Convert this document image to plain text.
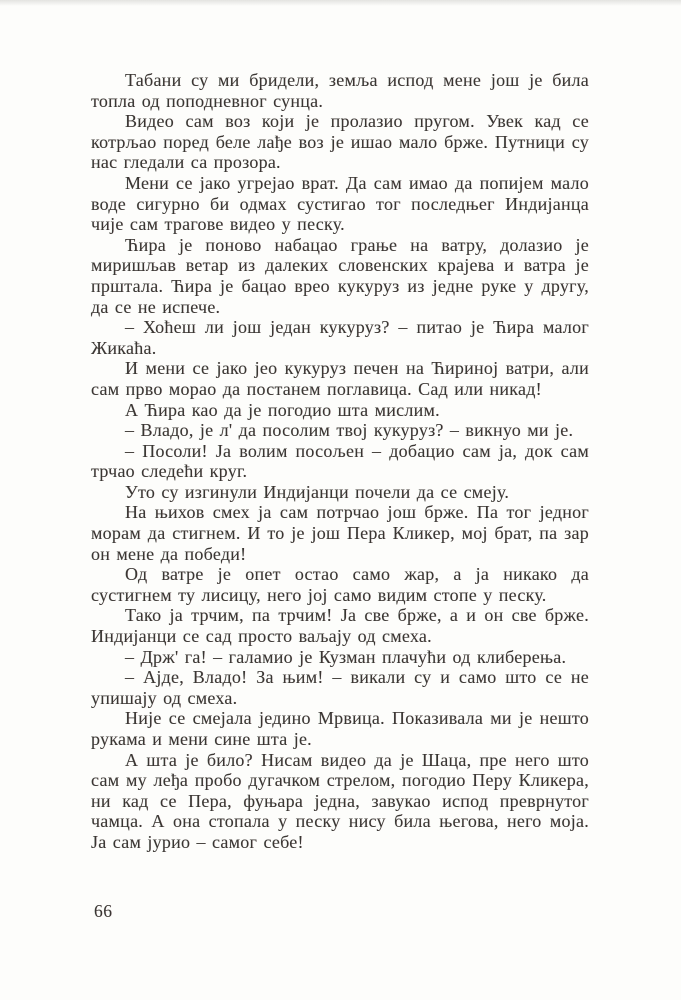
Табани су ми бридели, земља испод мене још је била топла од поподневног сунца.

Видео сам воз који је пролазио пругом. Увек кад се котрљао поред беле лађе воз је ишао мало брже. Путници су нас гледали са прозора.

Мени се јако угрејао врат. Да сам имао да попијем мало воде сигурно би одмах сустигао тог последњег Индијанца чије сам трагове видео у песку.

Ћира је поново набацао грање на ватру, долазио је миришљав ветар из далеких словенских крајева и ватра је прштала. Ћира је бацао врео кукуруз из једне руке у другу, да се не испече.

– Хоћеш ли још један кукуруз? – питао је Ћира малог Жикаћа.

И мени се јако јео кукуруз печен на Ћириној ватри, али сам прво морао да постанем поглавица. Сад или никад!

А Ћира као да је погодио шта мислим.

– Владо, је л' да посолим твој кукуруз? – викнуо ми је.

– Посоли! Ја волим посољен – добацио сам ја, док сам трчао следећи круг.

Уто су изгинули Индијанци почели да се смеју.

На њихов смех ја сам потрчао још брже. Па тог једног морам да стигнем. И то је још Пера Кликер, мој брат, па зар он мене да победи!

Од ватре је опет остао само жар, а ја никако да сустигнем ту лисицу, него јој само видим стопе у песку.

Тако ја трчим, па трчим! Ја све брже, а и он све брже. Индијанци се сад просто ваљају од смеха.

– Држ' га! – галамио је Кузман плачући од клиберења.

– Ајде, Владо! За њим! – викали су и само што се не упишају од смеха.

Није се смејала једино Мрвица. Показивала ми је нешто рукама и мени сине шта је.

А шта је било? Нисам видео да је Шаца, пре него што сам му леђа пробо дугачком стрелом, погодио Перу Кликера, ни кад се Пера, фуњара једна, завукао испод преврнутог чамца. А она стопала у песку нису била његова, него моја. Ја сам јурио – самог себе!

66
